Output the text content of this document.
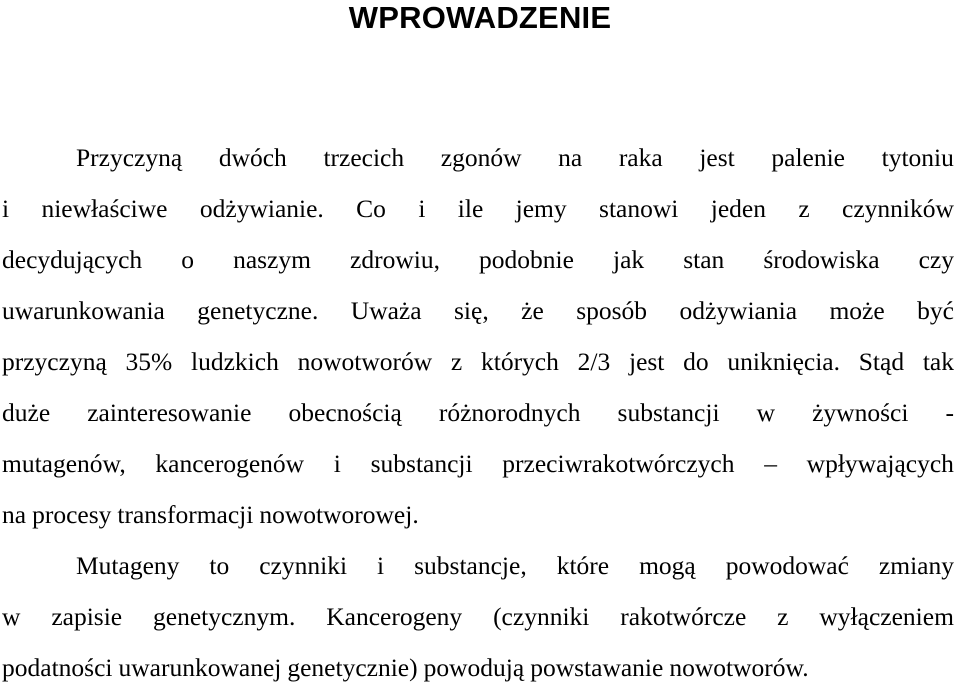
WPROWADZENIE
Przyczyną dwóch trzecich zgonów na raka jest palenie tytoniu
i niewłaściwe odżywianie. Co i ile jemy stanowi jeden z czynników
decydujących o naszym zdrowiu, podobnie jak stan środowiska czy
uwarunkowania genetyczne. Uważa się, że sposób odżywiania może być
przyczyną 35% ludzkich nowotworów z których 2/3 jest do uniknięcia. Stąd tak
duże zainteresowanie obecnością różnorodnych substancji w żywności -
mutagenów, kancerogenów i substancji przeciwrakotwórczych – wpływających
na procesy transformacji nowotworowej.
Mutageny to czynniki i substancje, które mogą powodować zmiany
w zapisie genetycznym. Kancerogeny (czynniki rakotwórcze z wyłączeniem
podatności uwarunkowanej genetycznie) powodują powstawanie nowotworów.
